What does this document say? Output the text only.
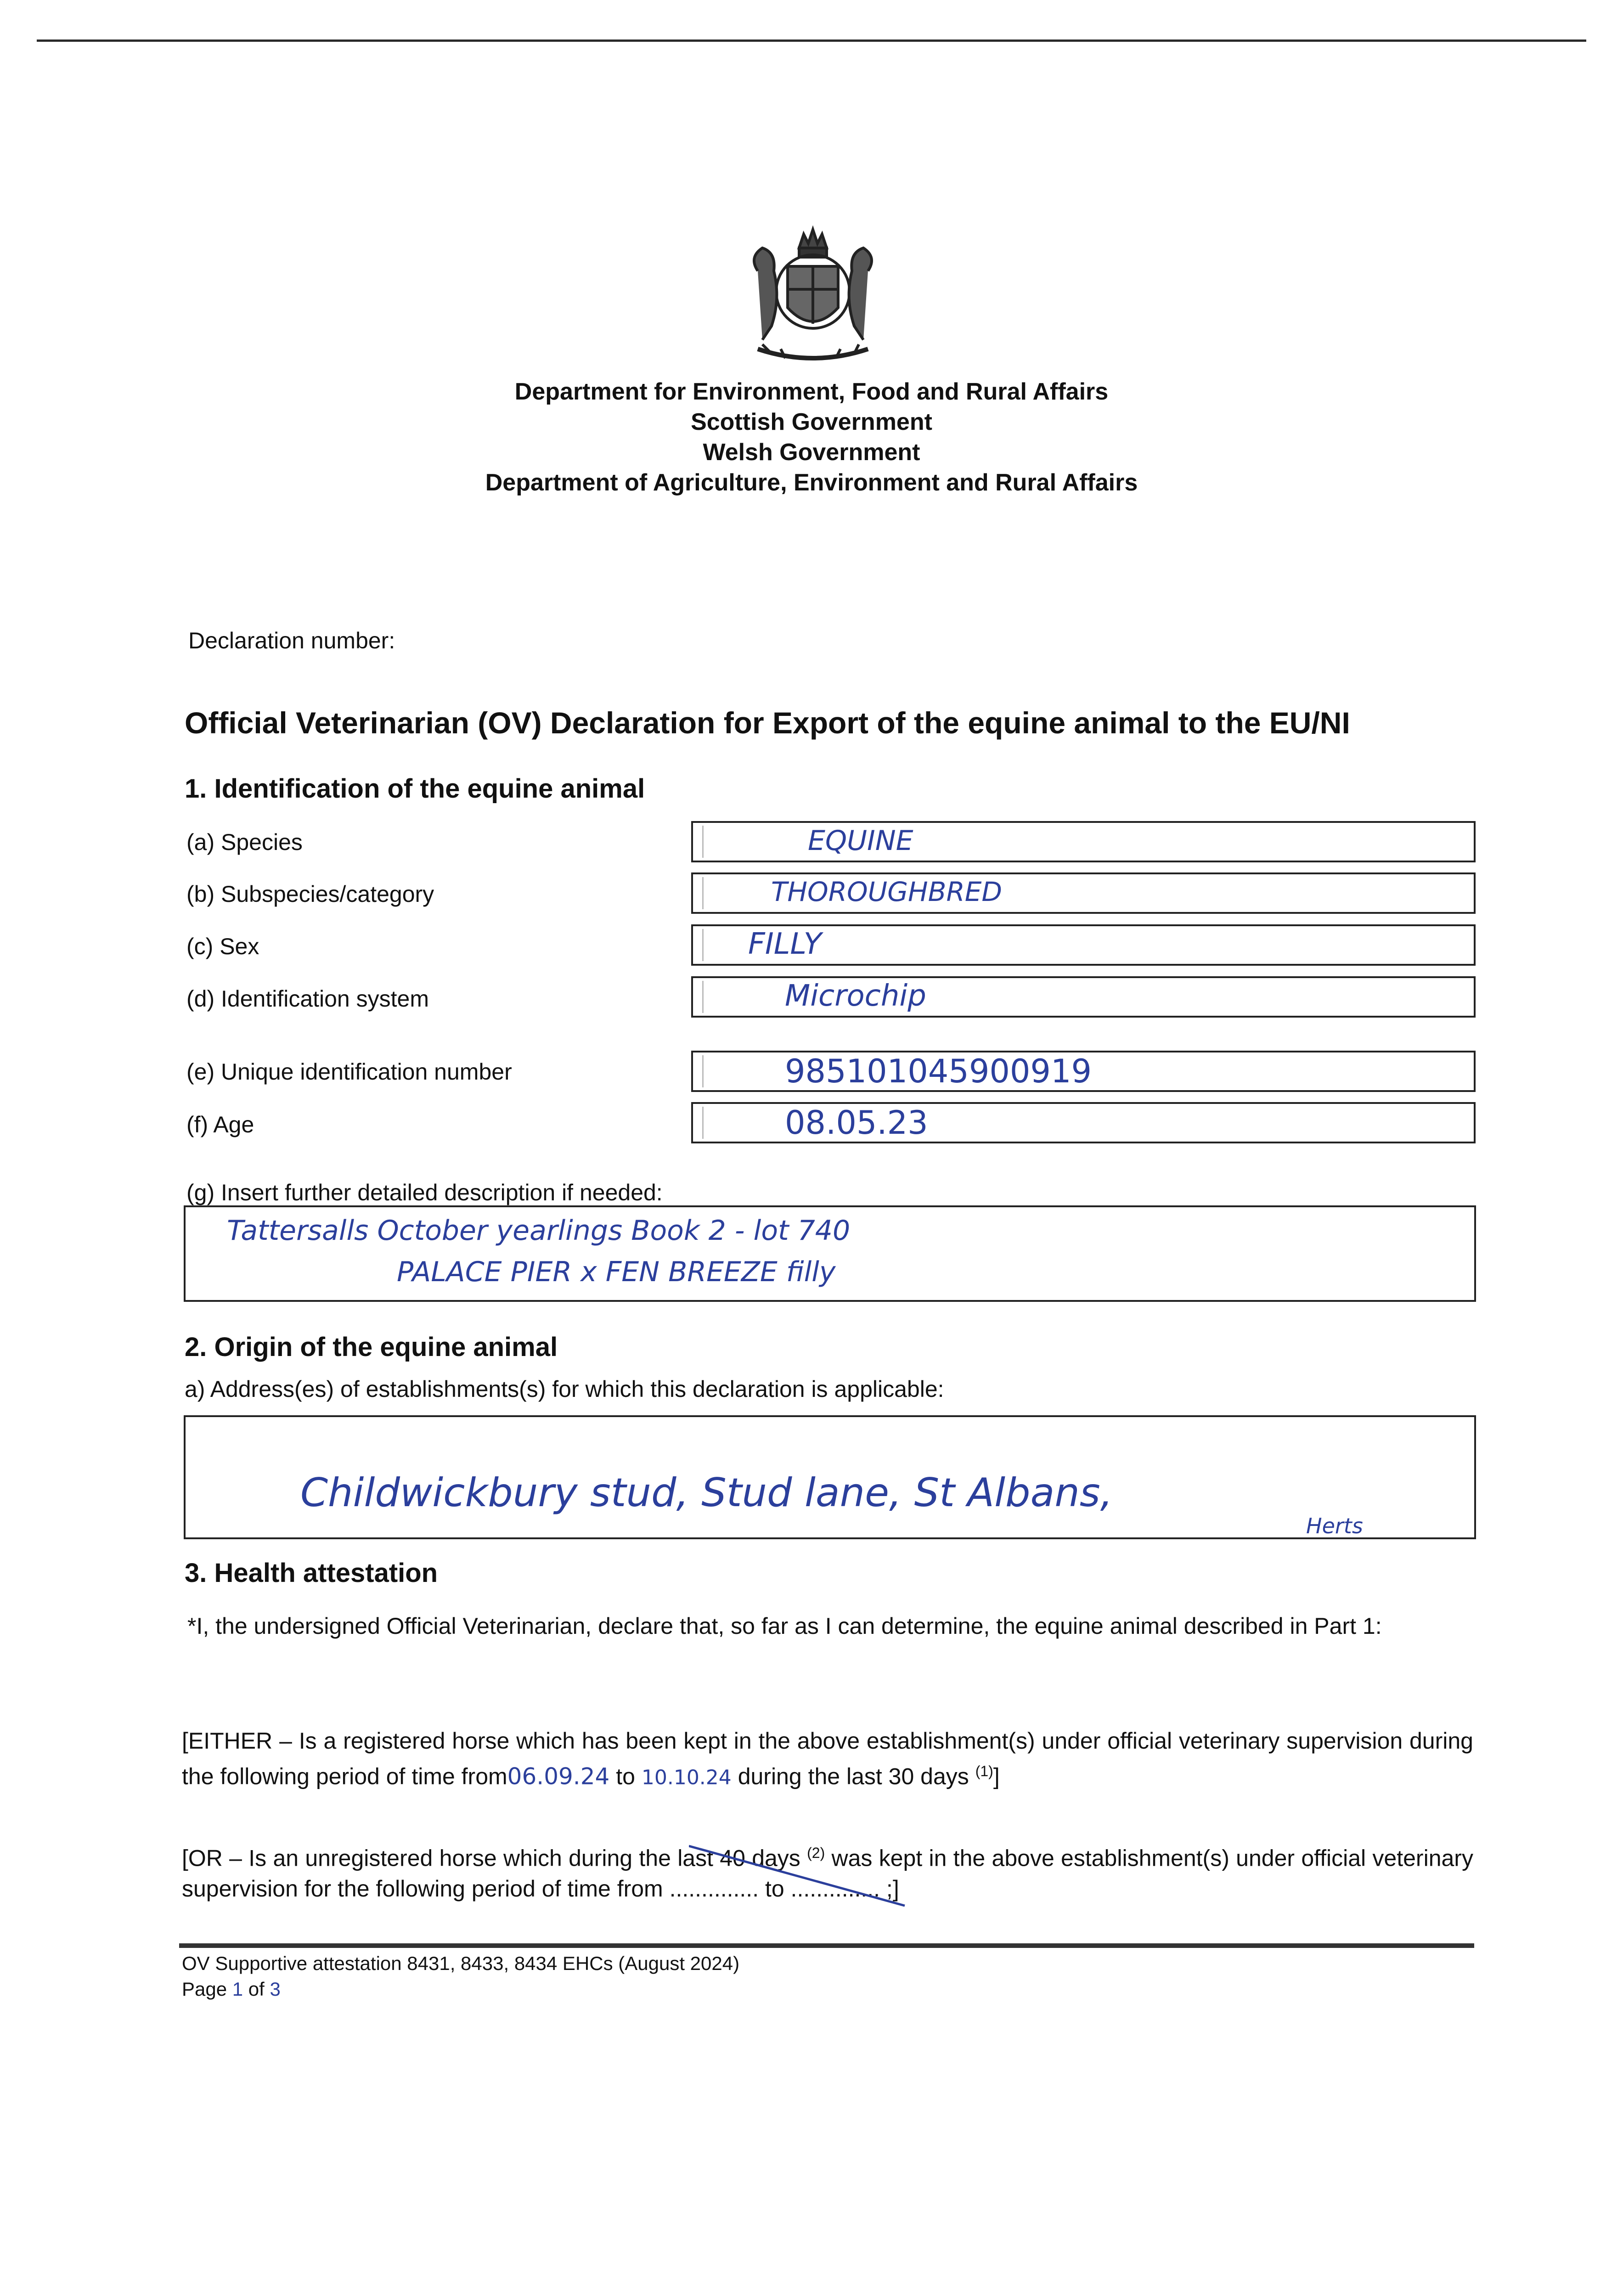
Department for Environment, Food and Rural Affairs
Scottish Government
Welsh Government
Department of Agriculture, Environment and Rural Affairs
Declaration number:
Official Veterinarian (OV) Declaration for Export of the equine animal to the EU/NI
1. Identification of the equine animal
(a) Species	EQUINE
(b) Subspecies/category	THOROUGHBRED
(c) Sex	FILLY
(d) Identification system	Microchip
(e) Unique identification number	985101045900919
(f) Age	08.05.23
(g) Insert further detailed description if needed:
Tattersalls October yearlings Book 2 - lot 740
PALACE PIER x FEN BREEZE filly
2. Origin of the equine animal
a) Address(es) of establishments(s) for which this declaration is applicable:
Childwickbury stud, Stud lane, St Albans,
Herts
3. Health attestation
*I, the undersigned Official Veterinarian, declare that, so far as I can determine, the equine animal described in Part 1:
[EITHER – Is a registered horse which has been kept in the above establishment(s) under official veterinary supervision during the following period of time from06.09.24 to 10.10.24 during the last 30 days $^{(1)}$]
[OR – Is an unregistered horse which during the last 40 days $^{(2)}$ was kept in the above establishment(s) under official veterinary supervision for the following period of time from .............. to .............. ;]
OV Supportive attestation 8431, 8433, 8434 EHCs (August 2024)
Page 1 of 3
